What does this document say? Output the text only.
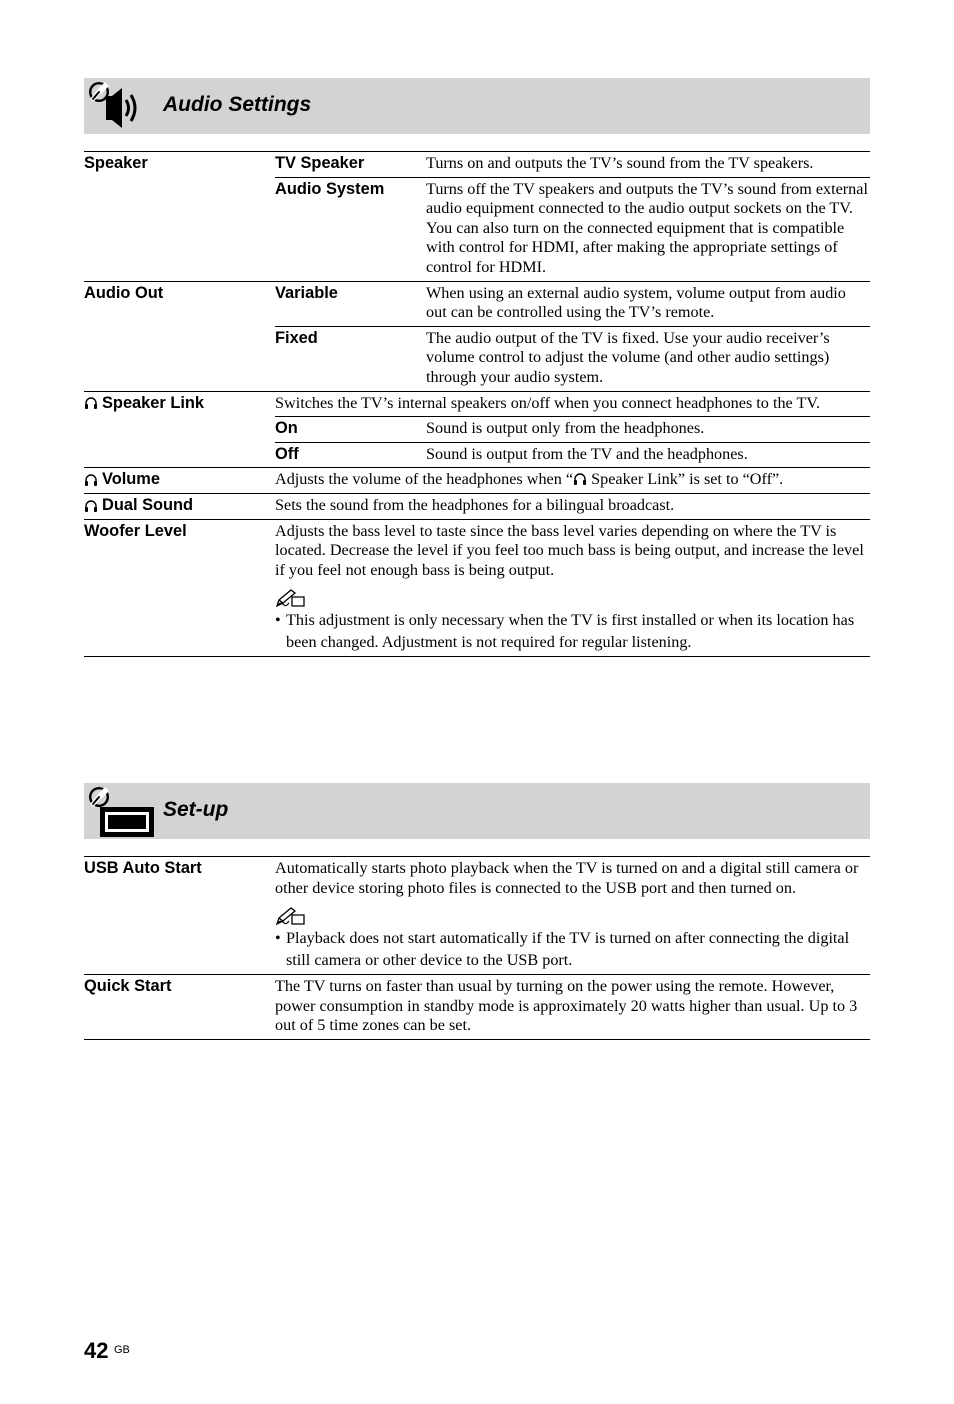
Audio Settings
Speaker	TV Speaker	Turns on and outputs the TV’s sound from the TV speakers.

Audio System	Turns off the TV speakers and outputs the TV’s sound from external audio equipment connected to the audio output sockets on the TV.
You can also turn on the connected equipment that is compatible with control for HDMI, after making the appropriate settings of control for HDMI.

Audio Out	Variable	When using an external audio system, volume output from audio out can be controlled using the TV’s remote.

Fixed	The audio output of the TV is fixed. Use your audio receiver’s volume control to adjust the volume (and other audio settings) through your audio system.

Speaker Link	Switches the TV’s internal speakers on/off when you connect headphones to the TV.	

On	Sound is output only from the headphones.

Off	Sound is output from the TV and the headphones.

Volume	Adjusts the volume of the headphones when “ Speaker Link” is set to “Off”.	

Dual Sound	Sets the sound from the headphones for a bilingual broadcast.	

Woofer Level	Adjusts the bass level to taste since the bass level varies depending on where the TV is located. Decrease the level if you feel too much bass is being output, and increase the level if you feel not enough bass is being output.
• This adjustment is only necessary when the TV is first installed or when its location has been changed. Adjustment is not required for regular listening.	
Set-up
USB Auto Start	Automatically starts photo playback when the TV is turned on and a digital still camera or other device storing photo files is connected to the USB port and then turned on.
• Playback does not start automatically if the TV is turned on after connecting the digital still camera or other device to the USB port.

Quick Start	The TV turns on faster than usual by turning on the power using the remote. However, power consumption in standby mode is approximately 20 watts higher than usual. Up to 3 out of 5 time zones can be set.
42 GB
